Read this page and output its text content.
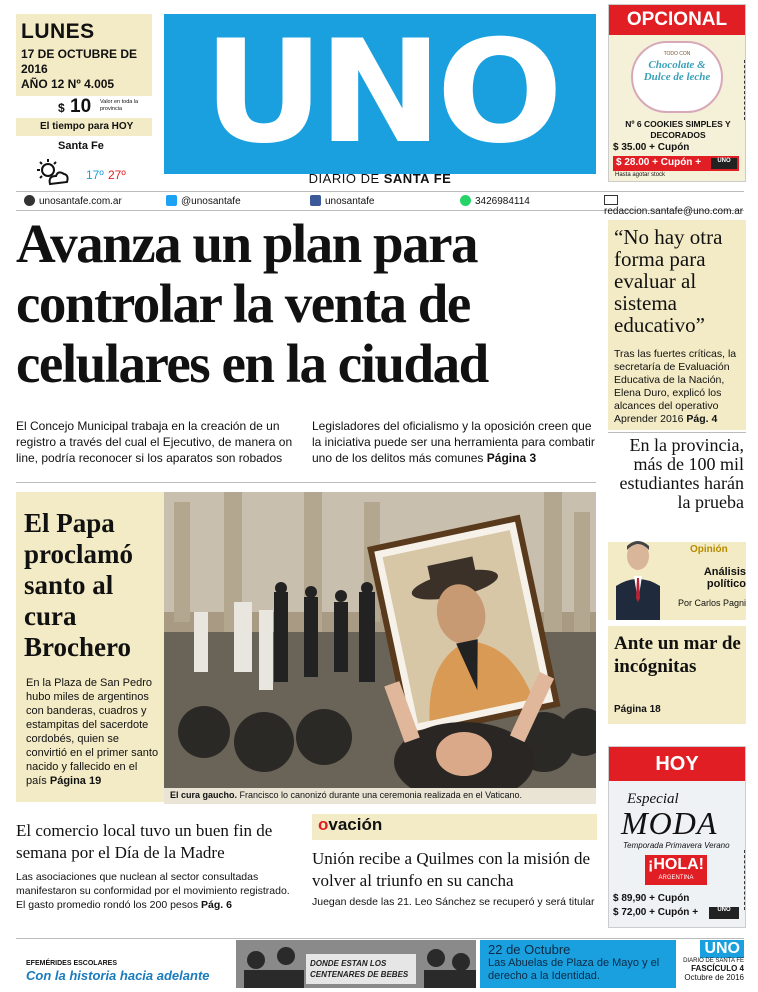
LUNES
17 DE OCTUBRE DE 2016
AÑO 12 Nº 4.005
$ 10 Valor en toda la provincia
El tiempo para HOY
Santa Fe
17º 27º UNO
DIARIO DE SANTA FE
OPCIONAL
TODO CON
Chocolate & Dulce de leche
Nº 6 COOKIES SIMPLES Y DECORADOS
$ 35.00 + Cupón
$ 28.00 + Cupón +	UNO
Hasta agotar stock
unosantafe.com.ar	@unosantafe	unosantafe	3426984114
redaccion.santafe@uno.com.ar
Avanza un plan para controlar la venta de celulares en la ciudad
El Concejo Municipal trabaja en la creación de un registro a través del cual el Ejecutivo, de manera on line, podría reconocer si los aparatos son robados
Legisladores del oficialismo y la oposición creen que la iniciativa puede ser una herramienta para combatir uno de los delitos más comunes Página 3
“No hay otra forma para evaluar al sistema educativo”
Tras las fuertes críticas, la secretaría de Evaluación Educativa de la Nación, Elena Duro, explicó los alcances del operativo Aprender 2016 Pág. 4
En la provincia, más de 100 mil estudiantes harán la prueba
Opinión
Análisis político
Por Carlos Pagni
Ante un mar de incógnitas
Página 18
El Papa proclamó santo al cura Brochero
En la Plaza de San Pedro hubo miles de argentinos con banderas, cuadros y estampitas del sacerdote cordobés, quien se convirtió en el primer santo nacido y fallecido en el país Página 19
El cura gaucho. Francisco lo canonizó durante una ceremonia realizada en el Vaticano.
El comercio local tuvo un buen fin de semana por el Día de la Madre
Las asociaciones que nuclean al sector consultadas manifestaron su conformidad por el movimiento registrado. El gasto promedio rondó los 200 pesos Pág. 6
ovación
Unión recibe a Quilmes con la misión de volver al triunfo en su cancha
Juegan desde las 21. Leo Sánchez se recuperó y será titular
HOY
Especial
MODA
Temporada Primavera Verano
¡HOLA!
ARGENTINA
$ 89,90 + Cupón
$ 72,00 + Cupón +	UNO
EFEMÉRIDES ESCOLARES
Con la historia hacia adelante
DONDE ESTAN LOS CENTENARES DE BEBES
22 de Octubre
Las Abuelas de Plaza de Mayo y el derecho a la Identidad.
UNO
DIARIO DE SANTA FE
FASCÍCULO 4
Octubre de 2016
